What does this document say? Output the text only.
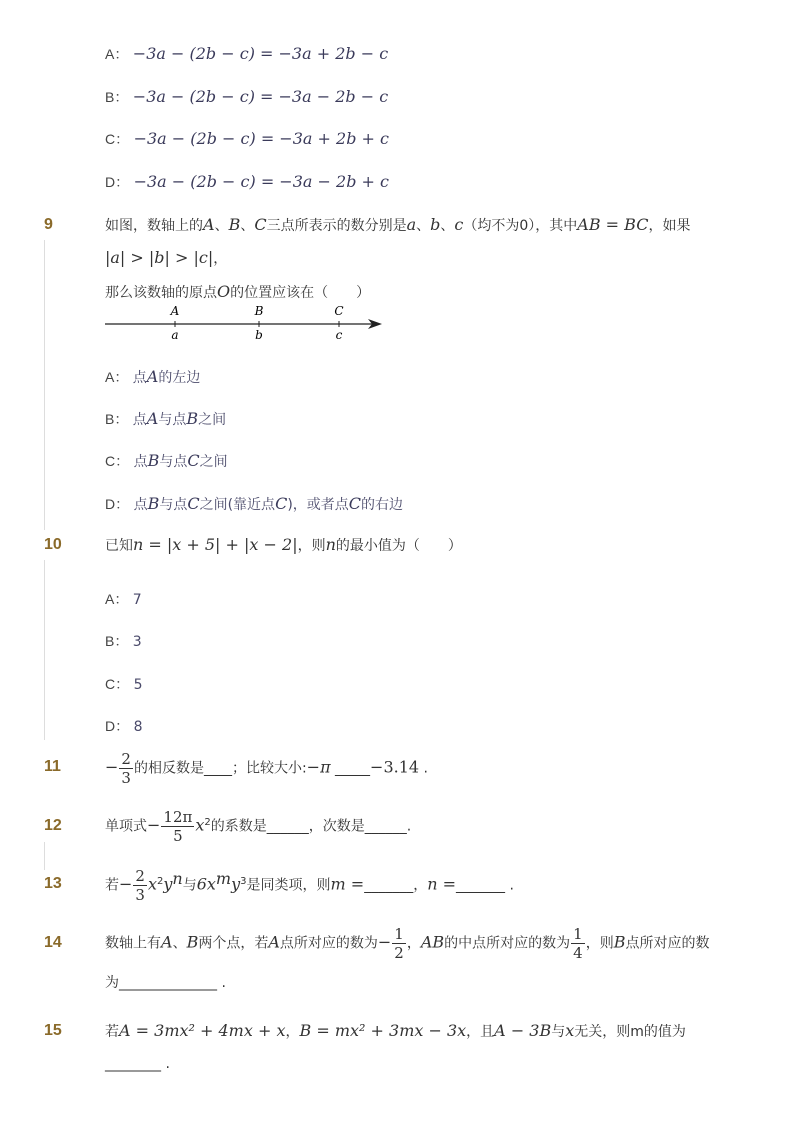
A： −3a − (2b − c) = −3a + 2b − c
B： −3a − (2b − c) = −3a − 2b − c
C： −3a − (2b − c) = −3a + 2b + c
D： −3a − (2b − c) = −3a − 2b + c
9	如图，数轴上的A、B、C三点所表示的数分别是a、b、c（均不为0），其中AB = BC，如果
|a| > |b| > |c|，
那么该数轴的原点O的位置应该在（　　）
A	B	C
a	b	c
A： 点A的左边
B： 点A与点B之间
C： 点B与点C之间
D： 点B与点C之间(靠近点C)，或者点C的右边
10	已知n = |x + 5| + |x − 2|，则n的最小值为（　　）
A： 7
B： 3
C： 5
D： 8
11	− $\frac{2}{3}$ 的相反数是____；比较大小:−π _____−3.14 .
12	单项式− $\frac{12\pi}{5} x^2$的系数是______，次数是______.
13	若− $\frac{2}{3} x^2y^n$与$6x^my^3$是同类项，则m =_______，n =_______ .
14	数轴上有A、B两个点，若A点所对应的数为− $\frac{1}{2}$ ，AB的中点所对应的数为 $\frac{1}{4}$ ，则B点所对应的数
为______________ .
15	若A = 3mx² + 4mx + x，B = mx² + 3mx − 3x，且A − 3B与x无关，则m的值为
________ .
